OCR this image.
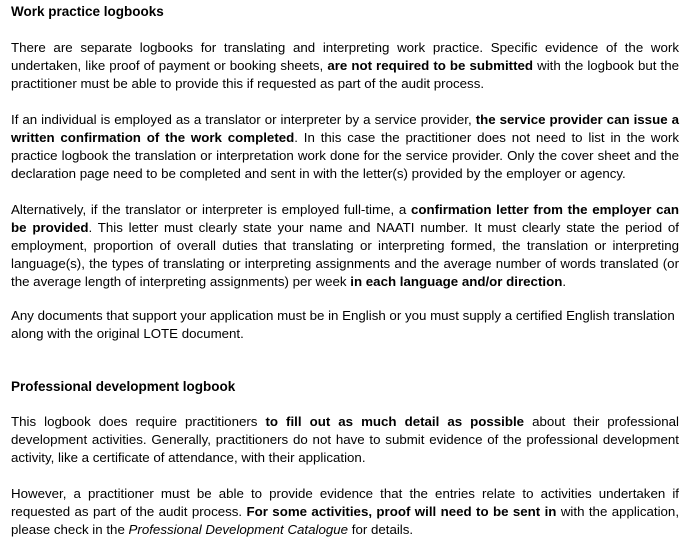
Work practice logbooks

There are separate logbooks for translating and interpreting work practice. Specific evidence of the work undertaken, like proof of payment or booking sheets, are not required to be submitted with the logbook but the practitioner must be able to provide this if requested as part of the audit process.

If an individual is employed as a translator or interpreter by a service provider, the service provider can issue a written confirmation of the work completed. In this case the practitioner does not need to list in the work practice logbook the translation or interpretation work done for the service provider. Only the cover sheet and the declaration page need to be completed and sent in with the letter(s) provided by the employer or agency.

Alternatively, if the translator or interpreter is employed full-time, a confirmation letter from the employer can be provided. This letter must clearly state your name and NAATI number. It must clearly state the period of employment, proportion of overall duties that translating or interpreting formed, the translation or interpreting language(s), the types of translating or interpreting assignments and the average number of words translated (or the average length of interpreting assignments) per week in each language and/or direction.

Any documents that support your application must be in English or you must supply a certified English translation along with the original LOTE document.

Professional development logbook

This logbook does require practitioners to fill out as much detail as possible about their professional development activities. Generally, practitioners do not have to submit evidence of the professional development activity, like a certificate of attendance, with their application.

However, a practitioner must be able to provide evidence that the entries relate to activities undertaken if requested as part of the audit process. For some activities, proof will need to be sent in with the application, please check in the Professional Development Catalogue for details.
